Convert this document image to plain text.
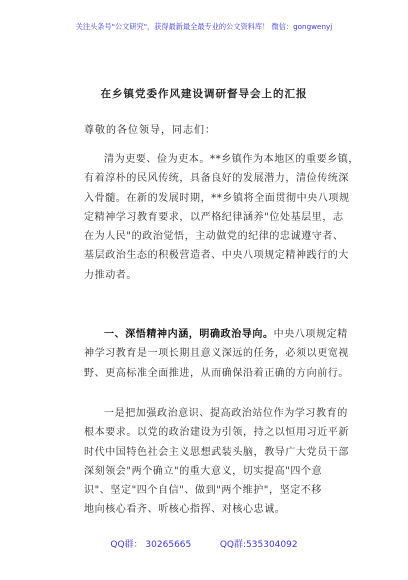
关注头条号"公文研究"，获得最新最全最专业的公文资料库！ 微信：gongwenyj
在乡镇党委作风建设调研督导会上的汇报
尊敬的各位领导，同志们：
清为吏要、俭为吏本。**乡镇作为本地区的重要乡镇，
有着淳朴的民风传统，具备良好的发展潜力，清俭传统深
入骨髓。在新的发展时期，**乡镇将全面贯彻中央八项规
定精神学习教育要求，以严格纪律涵养"位处基层里，志
在为人民"的政治觉悟，主动做党的纪律的忠诚遵守者、
基层政治生态的积极营造者、中央八项规定精神践行的大
力推动者。
一、深悟精神内涵，明确政治导向。中央八项规定精
神学习教育是一项长期且意义深远的任务，必须以更宽视
野、更高标准全面推进，从而确保沿着正确的方向前行。
一是把加强政治意识、提高政治站位作为学习教育的
根本要求。以党的政治建设为引领，持之以恒用习近平新
时代中国特色社会主义思想武装头脑，教导广大党员干部
深刻领会"两个确立"的重大意义，切实提高"四个意
识"、坚定"四个自信"、做到"两个维护"，坚定不移
地向核心看齐、听核心指挥、对核心忠诚。
QQ群： 30265665          QQ群:535304092
